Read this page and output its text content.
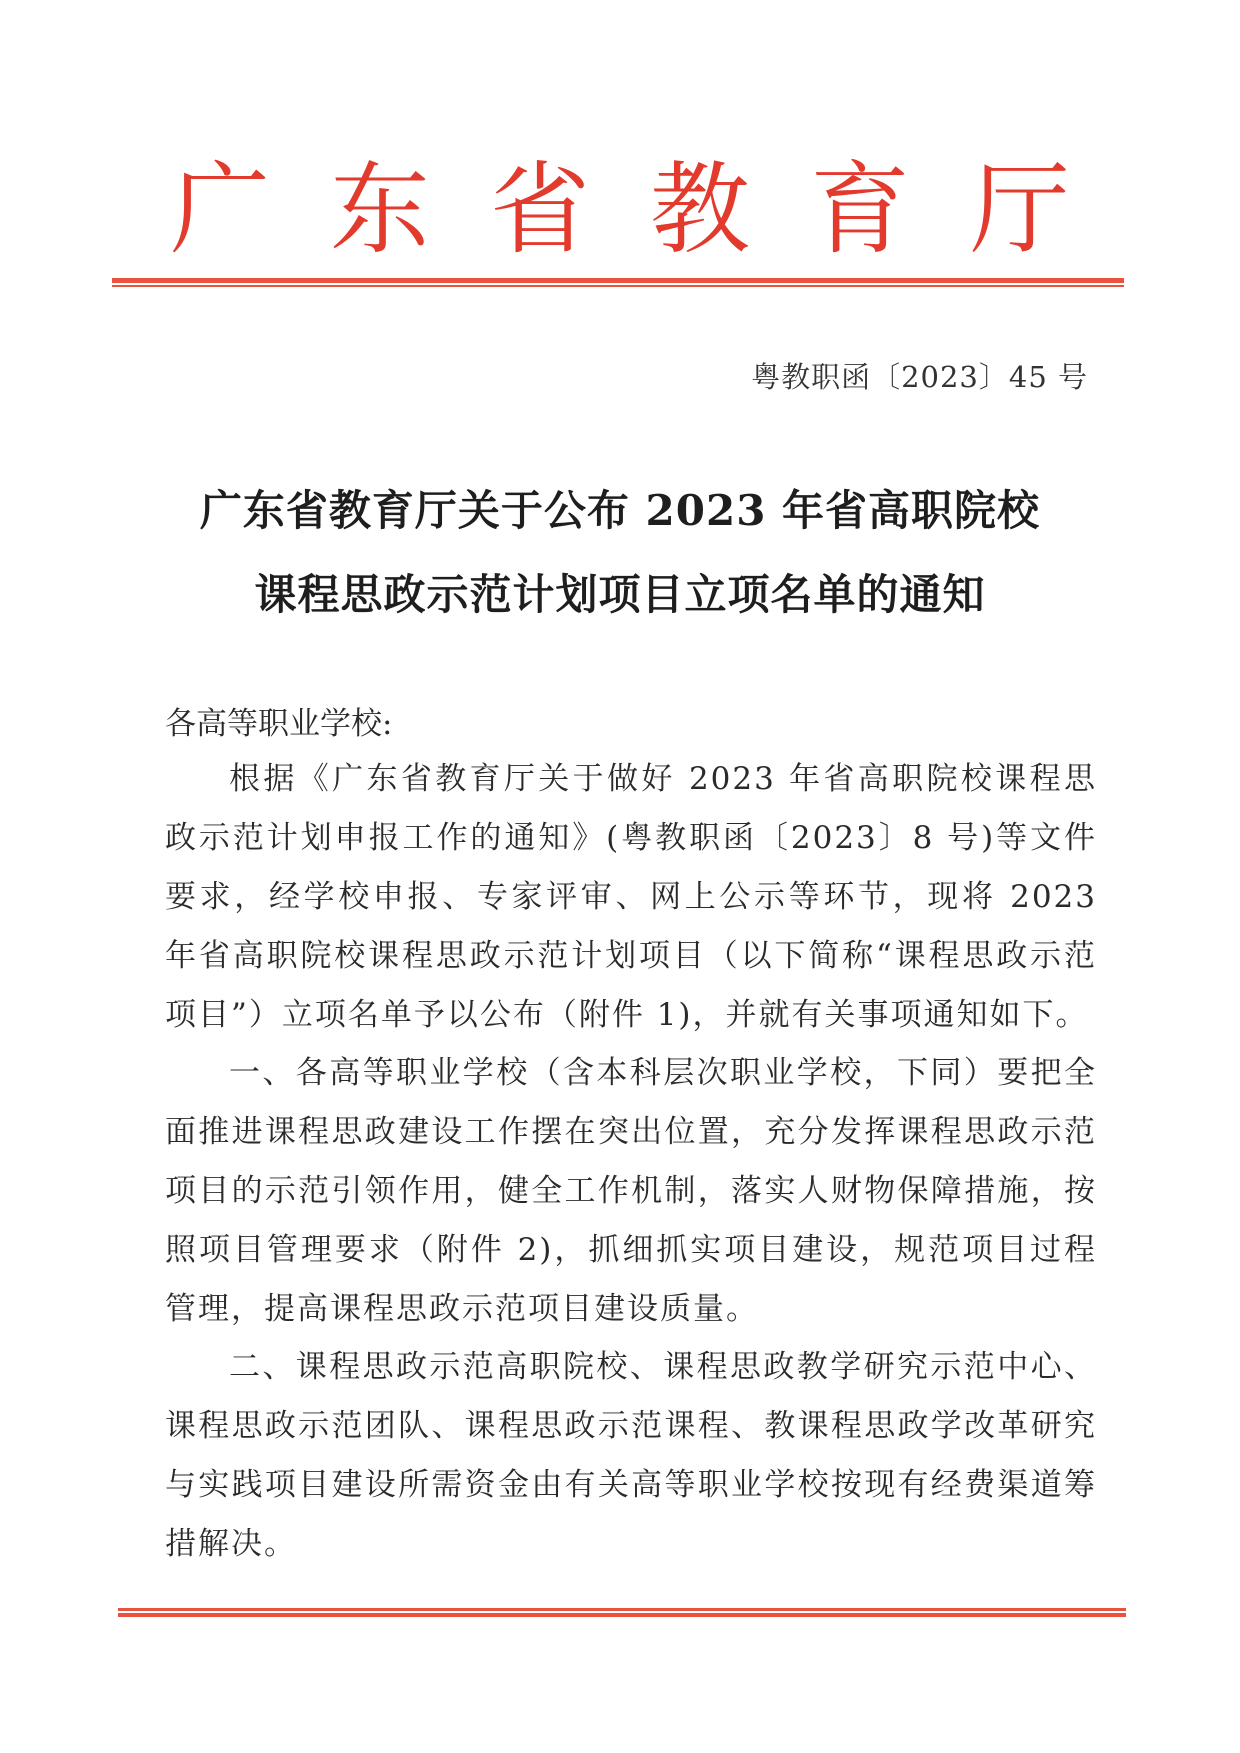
广 东 省 教 育 厅
粤教职函〔2023〕45 号
广东省教育厅关于公布 2023 年省高职院校
课程思政示范计划项目立项名单的通知
各高等职业学校:
根据《广东省教育厅关于做好 2023 年省高职院校课程思政示范计划申报工作的通知》(粤教职函〔2023〕8 号)等文件要求，经学校申报、专家评审、网上公示等环节，现将 2023 年省高职院校课程思政示范计划项目（以下简称“课程思政示范项目”）立项名单予以公布（附件 1)，并就有关事项通知如下。
一、各高等职业学校（含本科层次职业学校，下同）要把全面推进课程思政建设工作摆在突出位置，充分发挥课程思政示范项目的示范引领作用，健全工作机制，落实人财物保障措施，按照项目管理要求（附件 2)，抓细抓实项目建设，规范项目过程管理，提高课程思政示范项目建设质量。
二、课程思政示范高职院校、课程思政教学研究示范中心、课程思政示范团队、课程思政示范课程、教课程思政学改革研究与实践项目建设所需资金由有关高等职业学校按现有经费渠道筹措解决。
